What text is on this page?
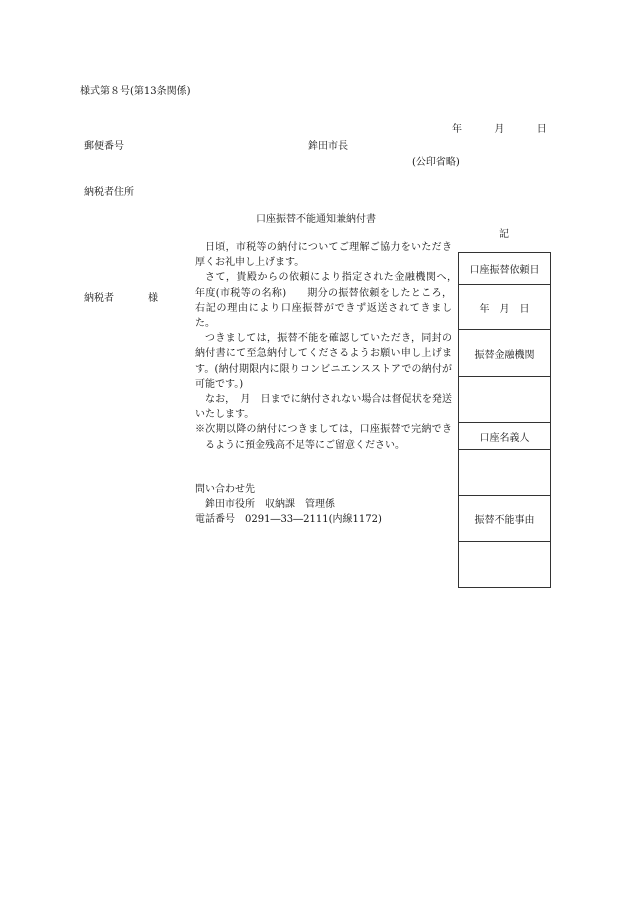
様式第８号(第13条関係)
年	月	日
郵便番号	鉾田市長
(公印省略)
納税者住所
口座振替不能通知兼納付書
記
納税者	様

日頃，市税等の納付についてご理解ご協力をいただき厚くお礼申し上げます。

さて，貴殿からの依頼により指定された金融機関へ，　　年度(市税等の名称)　　期分の振替依頼をしたところ，右記の理由により口座振替ができず返送されてきました。

つきましては，振替不能を確認していただき，同封の納付書にて至急納付してくださるようお願い申し上げます。(納付期限内に限りコンビニエンスストアでの納付が可能です。)

なお，　月　日までに納付されない場合は督促状を発送いたします。

※次期以降の納付につきましては，口座振替で完納できるように預金残高不足等にご留意ください。

問い合わせ先
鉾田市役所　収納課　管理係
電話番号　0291―33―2111(内線1172)
口座振替依頼日
年　月　日
振替金融機関

口座名義人

振替不能事由
